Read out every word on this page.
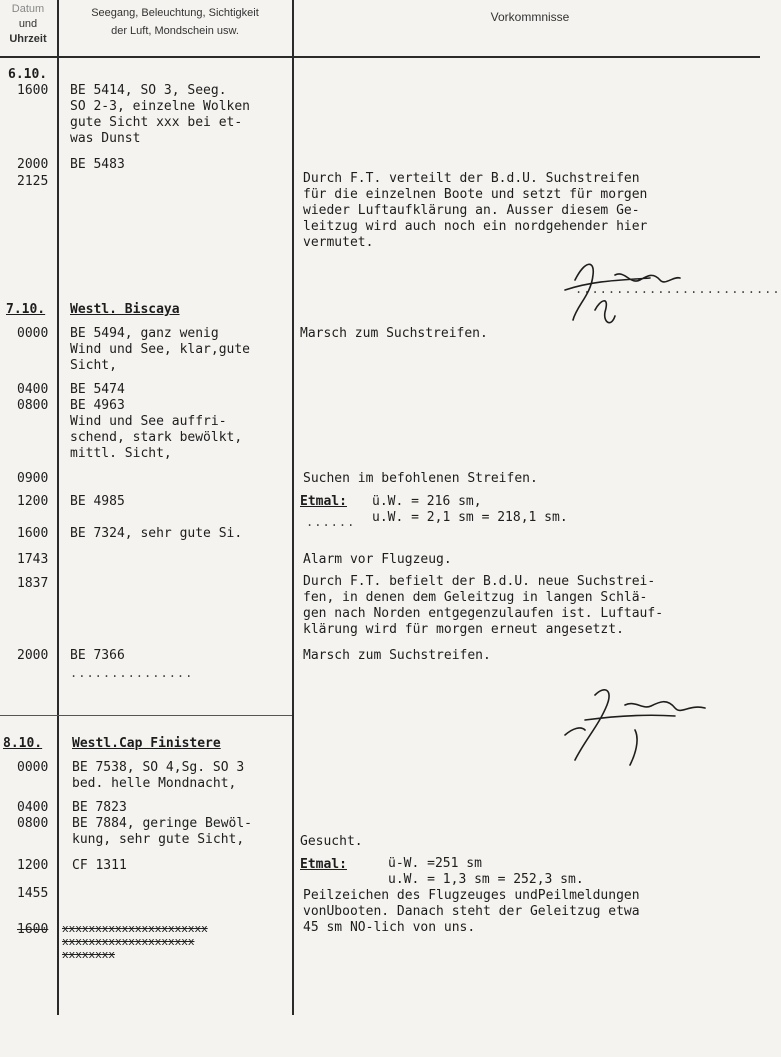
Datum
und
Uhrzeit
Seegang, Beleuchtung, Sichtigkeit
der Luft, Mondschein usw.
Vorkommnisse
6.10.
1600
2000
2125
7.10.
0000
0400
0800
0900
1200
1600
1743
1837
2000
8.10.
0000
0400
0800
1200
1455
1600
BE 5414, SO 3, Seeg.
SO 2-3, einzelne Wolken
gute Sicht xxx bei et-
was Dunst
BE 5483
Westl. Biscaya
BE 5494, ganz wenig
Wind und See, klar,gute
Sicht,
BE 5474
BE 4963
Wind und See auffri-
schend, stark bewölkt,
mittl. Sicht,
BE 4985
BE 7324, sehr gute Si.
BE 7366
Westl.Cap Finistere
BE 7538, SO 4,Sg. SO 3
bed. helle Mondnacht,
BE 7823
BE 7884, geringe Bewöl-
kung, sehr gute Sicht,
CF 1311
xxxxxxxxxxxxxxxxxxxxxx
xxxxxxxxxxxxxxxxxxxx
xxxxxxxx
Durch F.T. verteilt der B.d.U. Suchstreifen
für die einzelnen Boote und setzt für morgen
wieder Luftaufklärung an. Ausser diesem Ge-
leitzug wird auch noch ein nordgehender hier
vermutet.
Marsch zum Suchstreifen.
Suchen im befohlenen Streifen.
Etmal: ü.W. = 216 sm,
u.W. = 2,1 sm = 218,1 sm.
Alarm vor Flugzeug.
Durch F.T. befielt der B.d.U. neue Suchstrei-
fen, in denen dem Geleitzug in langen Schlä-
gen nach Norden entgegenzulaufen ist. Luftauf-
klärung wird für morgen erneut angesetzt.
Marsch zum Suchstreifen.
Gesucht.
Etmal:	ü-W. =251 sm
u.W. = 1,3 sm = 252,3 sm.
Peilzeichen des Flugzeuges undPeilmeldungen
vonUbooten. Danach steht der Geleitzug etwa
45 sm NO-lich von uns.
...............
.........................
......
